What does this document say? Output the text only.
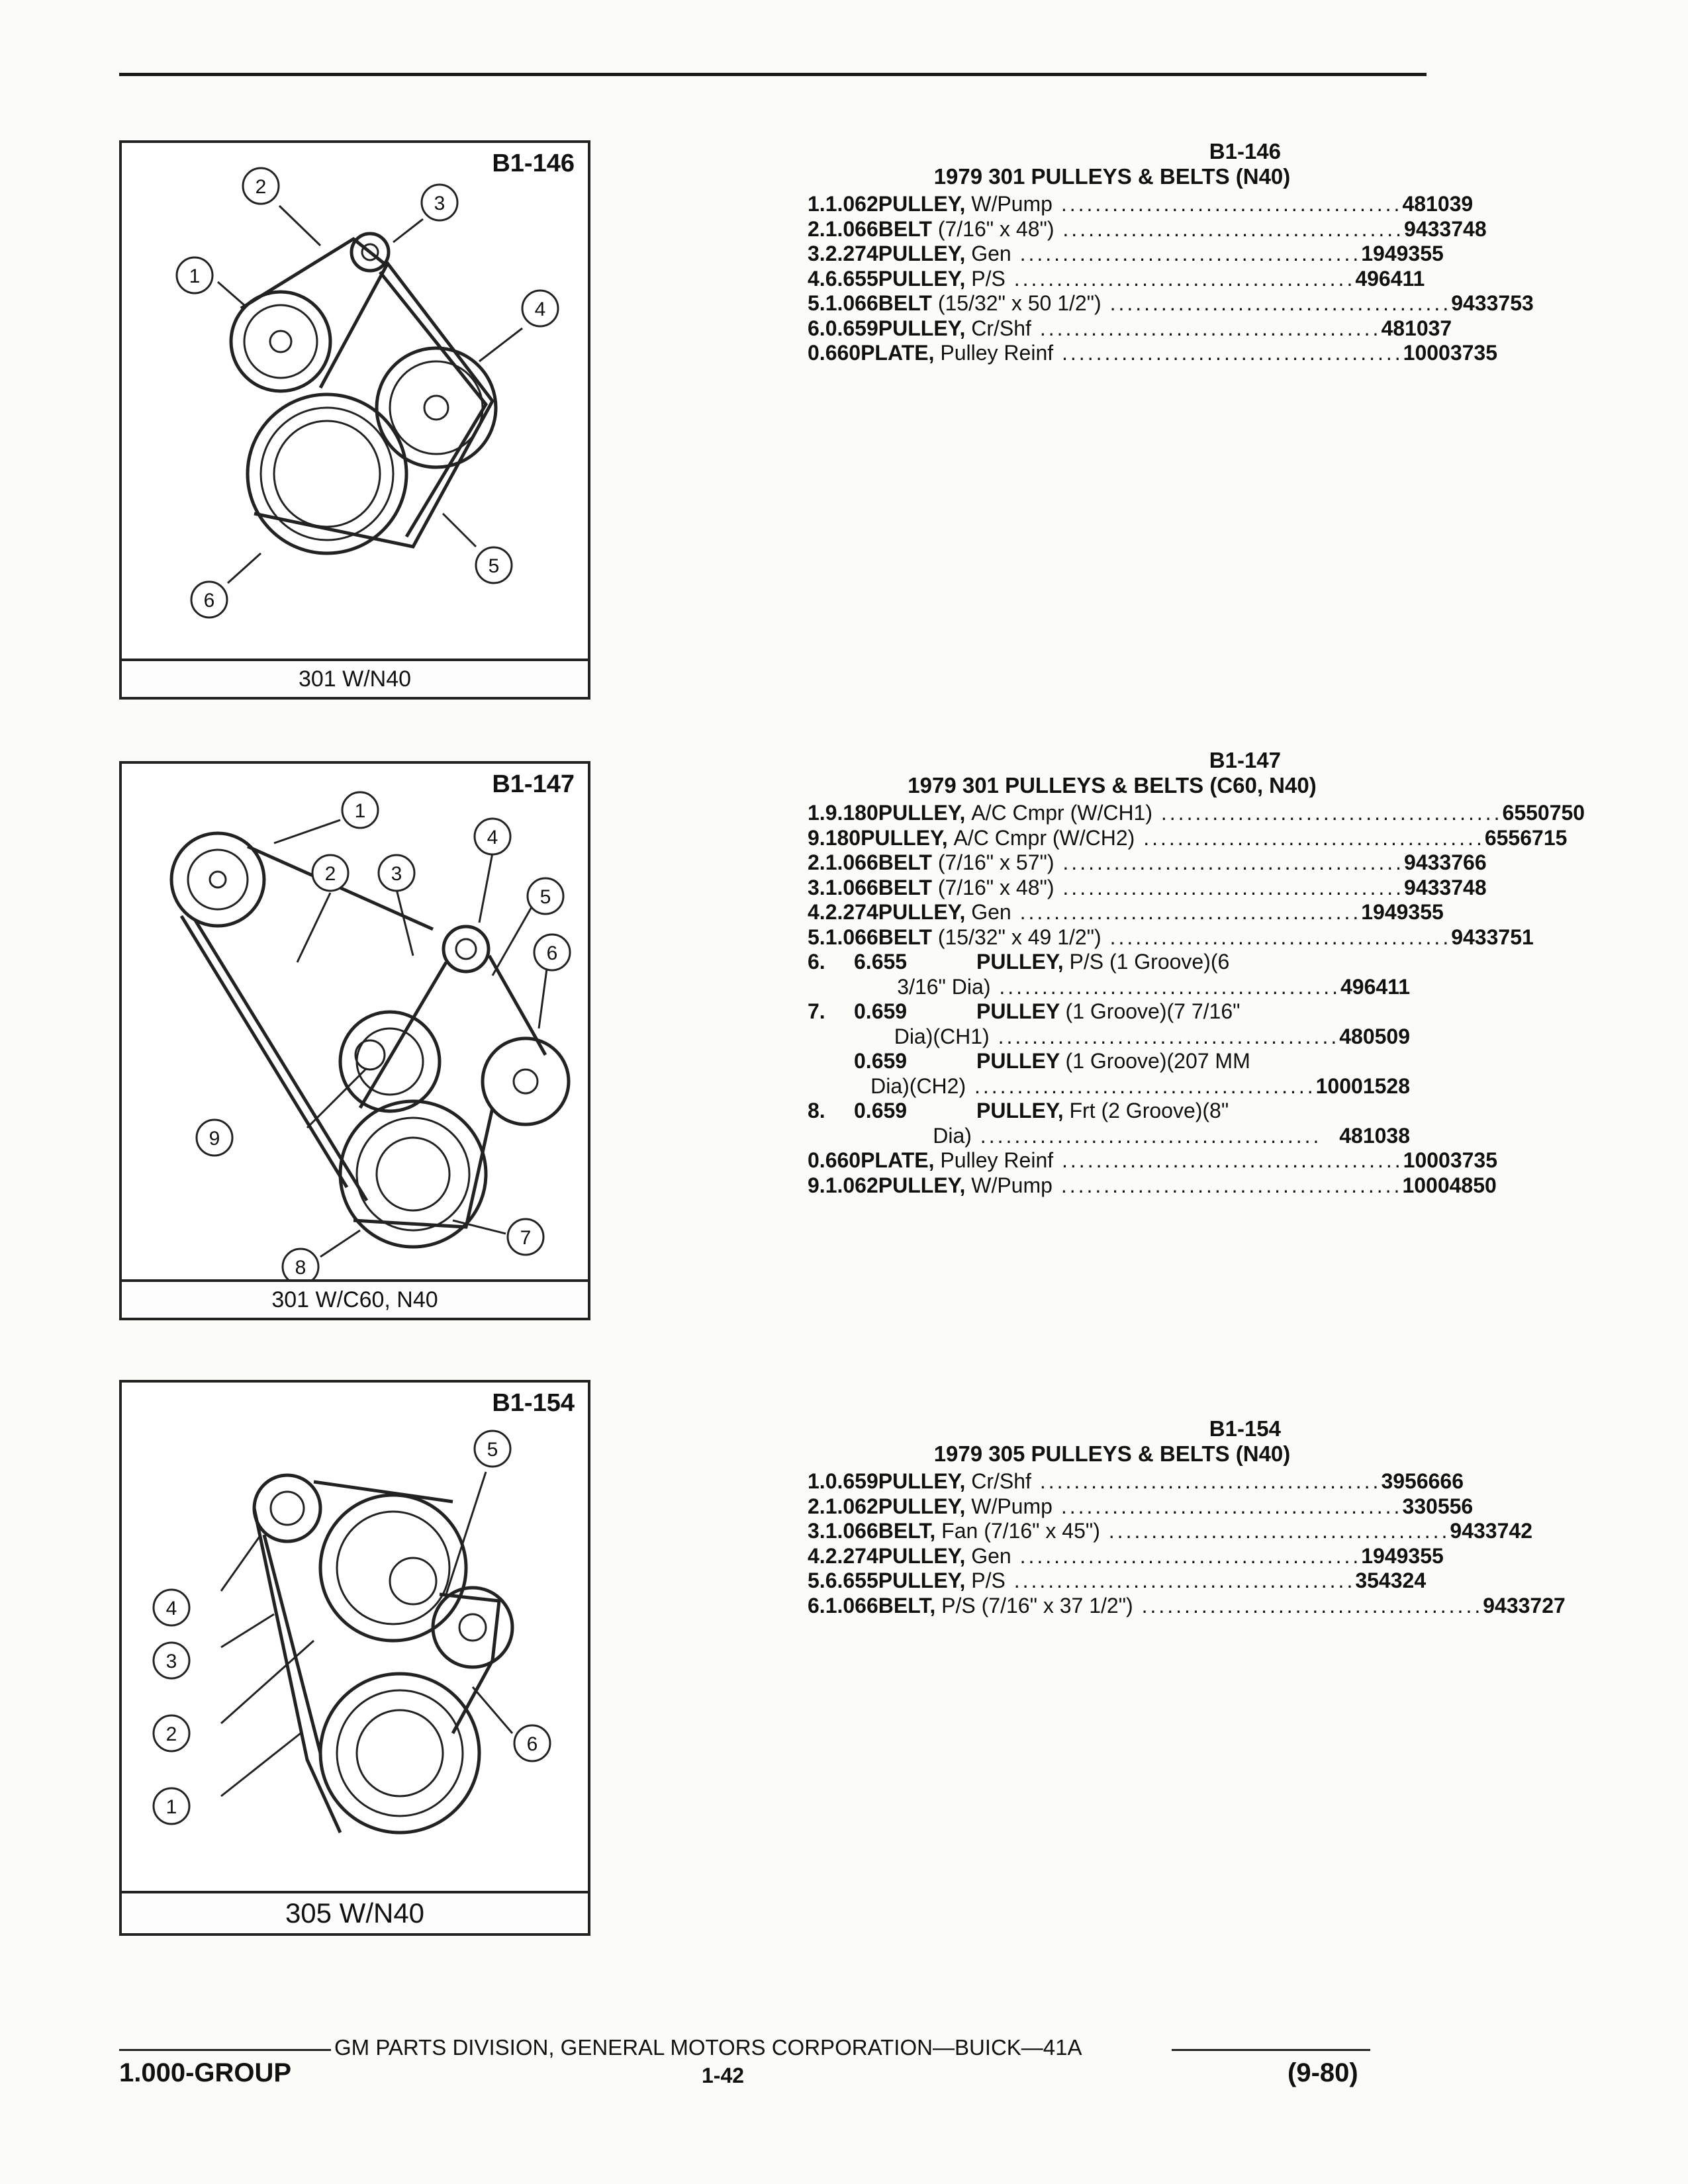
1
2
3
4
5
6
B1-146
301 W/N40
1
2	3
4
5
6
7
8
9
B1-147
301 W/C60, N40
5
4
3
2
1
6
B1-154
305 W/N40
B1-146
1979 301 PULLEYS & BELTS (N40)
1. 1.062 PULLEY, W/Pump ........................................ 481039
2. 1.066 BELT (7/16" x 48") ........................................ 9433748
3. 2.274 PULLEY, Gen ........................................ 1949355
4. 6.655 PULLEY, P/S ........................................ 496411
5. 1.066 BELT (15/32" x 50 1/2") ........................................ 9433753
6. 0.659 PULLEY, Cr/Shf ........................................ 481037
0.660 PLATE, Pulley Reinf ........................................ 10003735
B1-147
1979 301 PULLEYS & BELTS (C60, N40)
1. 9.180 PULLEY, A/C Cmpr (W/CH1) ........................................ 6550750
9.180 PULLEY, A/C Cmpr (W/CH2) ........................................ 6556715
2. 1.066 BELT (7/16" x 57") ........................................ 9433766
3. 1.066 BELT (7/16" x 48") ........................................ 9433748
4. 2.274 PULLEY, Gen ........................................ 1949355
5. 1.066 BELT (15/32" x 49 1/2") ........................................ 9433751
6.	6.655	PULLEY, P/S (1 Groove)(6
3/16" Dia) ........................................ 496411
7.	0.659	PULLEY (1 Groove)(7 7/16"
Dia)(CH1) ........................................ 480509
0.659	PULLEY (1 Groove)(207 MM
Dia)(CH2) ........................................ 10001528
8.	0.659	PULLEY, Frt (2 Groove)(8"
Dia) ........................................ 481038
0.660 PLATE, Pulley Reinf ........................................ 10003735
9. 1.062 PULLEY, W/Pump ........................................ 10004850
B1-154
1979 305 PULLEYS & BELTS (N40)
1. 0.659 PULLEY, Cr/Shf ........................................ 3956666
2. 1.062 PULLEY, W/Pump ........................................ 330556
3. 1.066 BELT, Fan (7/16" x 45") ........................................ 9433742
4. 2.274 PULLEY, Gen ........................................ 1949355
5. 6.655 PULLEY, P/S ........................................ 354324
6. 1.066 BELT, P/S (7/16" x 37 1/2") ........................................ 9433727
GM PARTS DIVISION, GENERAL MOTORS CORPORATION—BUICK—41A
1.000-GROUP	1-42	(9-80)
